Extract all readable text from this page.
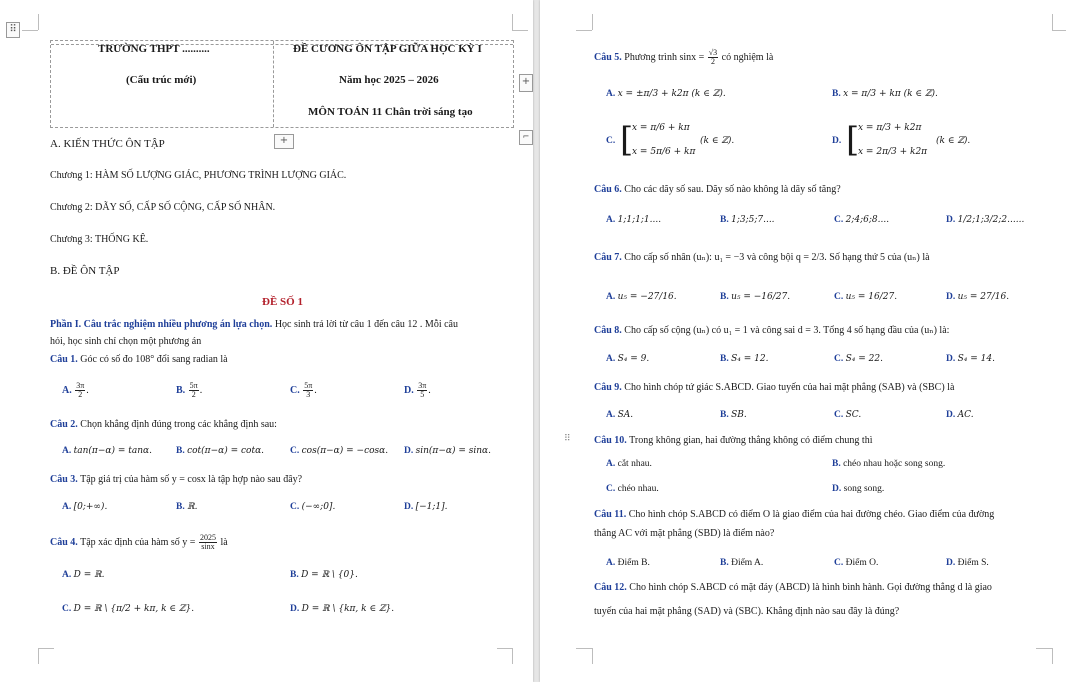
⠿
TRƯỜNG THPT ..........	ĐỀ CƯƠNG ÔN TẬP GIỮA HỌC KỲ I
(Cấu trúc mới)	Năm học 2025 – 2026
MÔN TOÁN 11 Chân trời sáng tạo
+
+	⌐
A. KIẾN THỨC ÔN TẬP
Chương 1: HÀM SỐ LƯỢNG GIÁC, PHƯƠNG TRÌNH LƯỢNG GIÁC.
Chương 2: DÃY SỐ, CẤP SỐ CỘNG, CẤP SỐ NHÂN.
Chương 3: THỐNG KÊ.
B. ĐỀ ÔN TẬP
ĐỀ SỐ 1
Phần I. Câu trắc nghiệm nhiều phương án lựa chọn. Học sinh trả lời từ câu 1 đến câu 12 . Mỗi câu
hỏi, học sinh chỉ chọn một phương án
Câu 1. Góc có số đo 108° đổi sang radian là
A. $\frac{3\pi}{2}$ .	B. $\frac{5\pi}{2}$ .	C. $\frac{5\pi}{3}$ .	D. $\frac{3\pi}{5}$ .
Câu 2. Chọn khẳng định đúng trong các khẳng định sau:
A. tan(π−α) = tanα.	B. cot(π−α) = cotα.	C. cos(π−α) = −cosα. D. sin(π−α) = sinα.
Câu 3. Tập giá trị của hàm số y = cosx là tập hợp nào sau đây?
A. [0;+∞).	B. ℝ.	C. (−∞;0].	D. [−1;1].
Câu 4. Tập xác định của hàm số $y = \frac{2025}{\sin x}$ là
A. D = ℝ.	B. D = ℝ \ {0}.
C. D = ℝ \ {π/2 + kπ, k ∈ ℤ}.	D. D = ℝ \ {kπ, k ∈ ℤ}.
⠿
Câu 5. Phương trình $\sin x = \frac{√3}{2}$ có nghiệm là
A. x = ±π/3 + k2π (k ∈ ℤ).	B. x = π/3 + kπ (k ∈ ℤ).
C. [
x = π/6 + kπ
x = 5π/6 + kπ
(k ∈ ℤ).	D. [
x = π/3 + k2π
x = 2π/3 + k2π
(k ∈ ℤ).
Câu 6. Cho các dãy số sau. Dãy số nào không là dãy số tăng?
A. 1;1;1;1....	B. 1;3;5;7....	C. 2;4;6;8....	D. 1/2;1;3/2;2......
Câu 7. Cho cấp số nhân (uₙ): u₁ = −3 và công bội q = 2/3. Số hạng thứ 5 của (uₙ) là
A. u₅ = −27/16.	B. u₅ = −16/27.	C. u₅ = 16/27.	D. u₅ = 27/16.
Câu 8. Cho cấp số cộng (uₙ) có u₁ = 1 và công sai d = 3. Tổng 4 số hạng đầu của (uₙ) là:
A. S₄ = 9.	B. S₄ = 12.	C. S₄ = 22.	D. S₄ = 14.
Câu 9. Cho hình chóp tứ giác S.ABCD. Giao tuyến của hai mặt phẳng (SAB) và (SBC) là
A. SA.	B. SB.	C. SC.	D. AC.
Câu 10. Trong không gian, hai đường thẳng không có điểm chung thì
A. cắt nhau.	B. chéo nhau hoặc song song.
C. chéo nhau.	D. song song.
Câu 11. Cho hình chóp S.ABCD có điểm O là giao điểm của hai đường chéo. Giao điểm của đường
thẳng AC với mặt phẳng (SBD) là điểm nào?
A. Điểm B.	B. Điểm A.	C. Điểm O.	D. Điểm S.
Câu 12. Cho hình chóp S.ABCD có mặt đáy (ABCD) là hình bình hành. Gọi đường thẳng d là giao
tuyến của hai mặt phẳng (SAD) và (SBC). Khẳng định nào sau đây là đúng?
